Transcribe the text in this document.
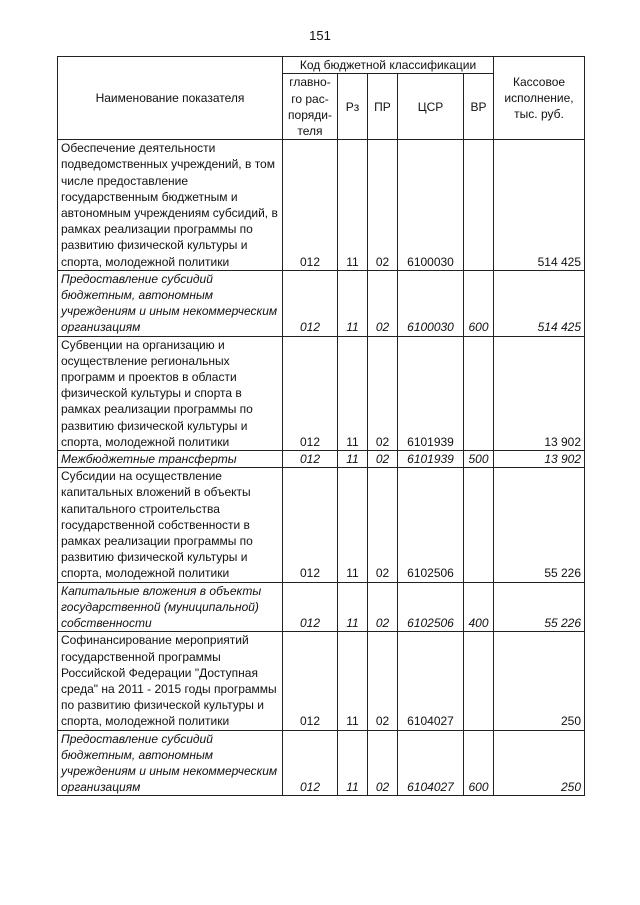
151
Наименование показателя	Код бюджетной классификации					Кассовое исполнение, тыс. руб.
	главно-го рас-поряди-теля	Рз	ПР	ЦСР	ВР	
Обеспечение деятельности подведомственных учреждений, в том числе предоставление государственным бюджетным и автономным учреждениям субсидий, в рамках реализации программы по развитию физической культуры и спорта, молодежной политики	012	11	02	6100030		514 425
Предоставление субсидий бюджетным, автономным учреждениям и иным некоммерческим организациям	012	11	02	6100030	600	514 425
Субвенции на организацию и осуществление региональных программ и проектов в области физической культуры и спорта в рамках реализации программы по развитию физической культуры и спорта, молодежной политики	012	11	02	6101939		13 902
Межбюджетные трансферты	012	11	02	6101939	500	13 902
Субсидии на осуществление капитальных вложений в объекты капитального строительства государственной собственности в рамках реализации программы по развитию физической культуры и спорта, молодежной политики	012	11	02	6102506		55 226
Капитальные вложения в объекты государственной (муниципальной) собственности	012	11	02	6102506	400	55 226
Софинансирование мероприятий государственной программы Российской Федерации "Доступная среда" на 2011 - 2015 годы программы по развитию физической культуры и спорта, молодежной политики	012	11	02	6104027		250
Предоставление субсидий бюджетным, автономным учреждениям и иным некоммерческим организациям	012	11	02	6104027	600	250
